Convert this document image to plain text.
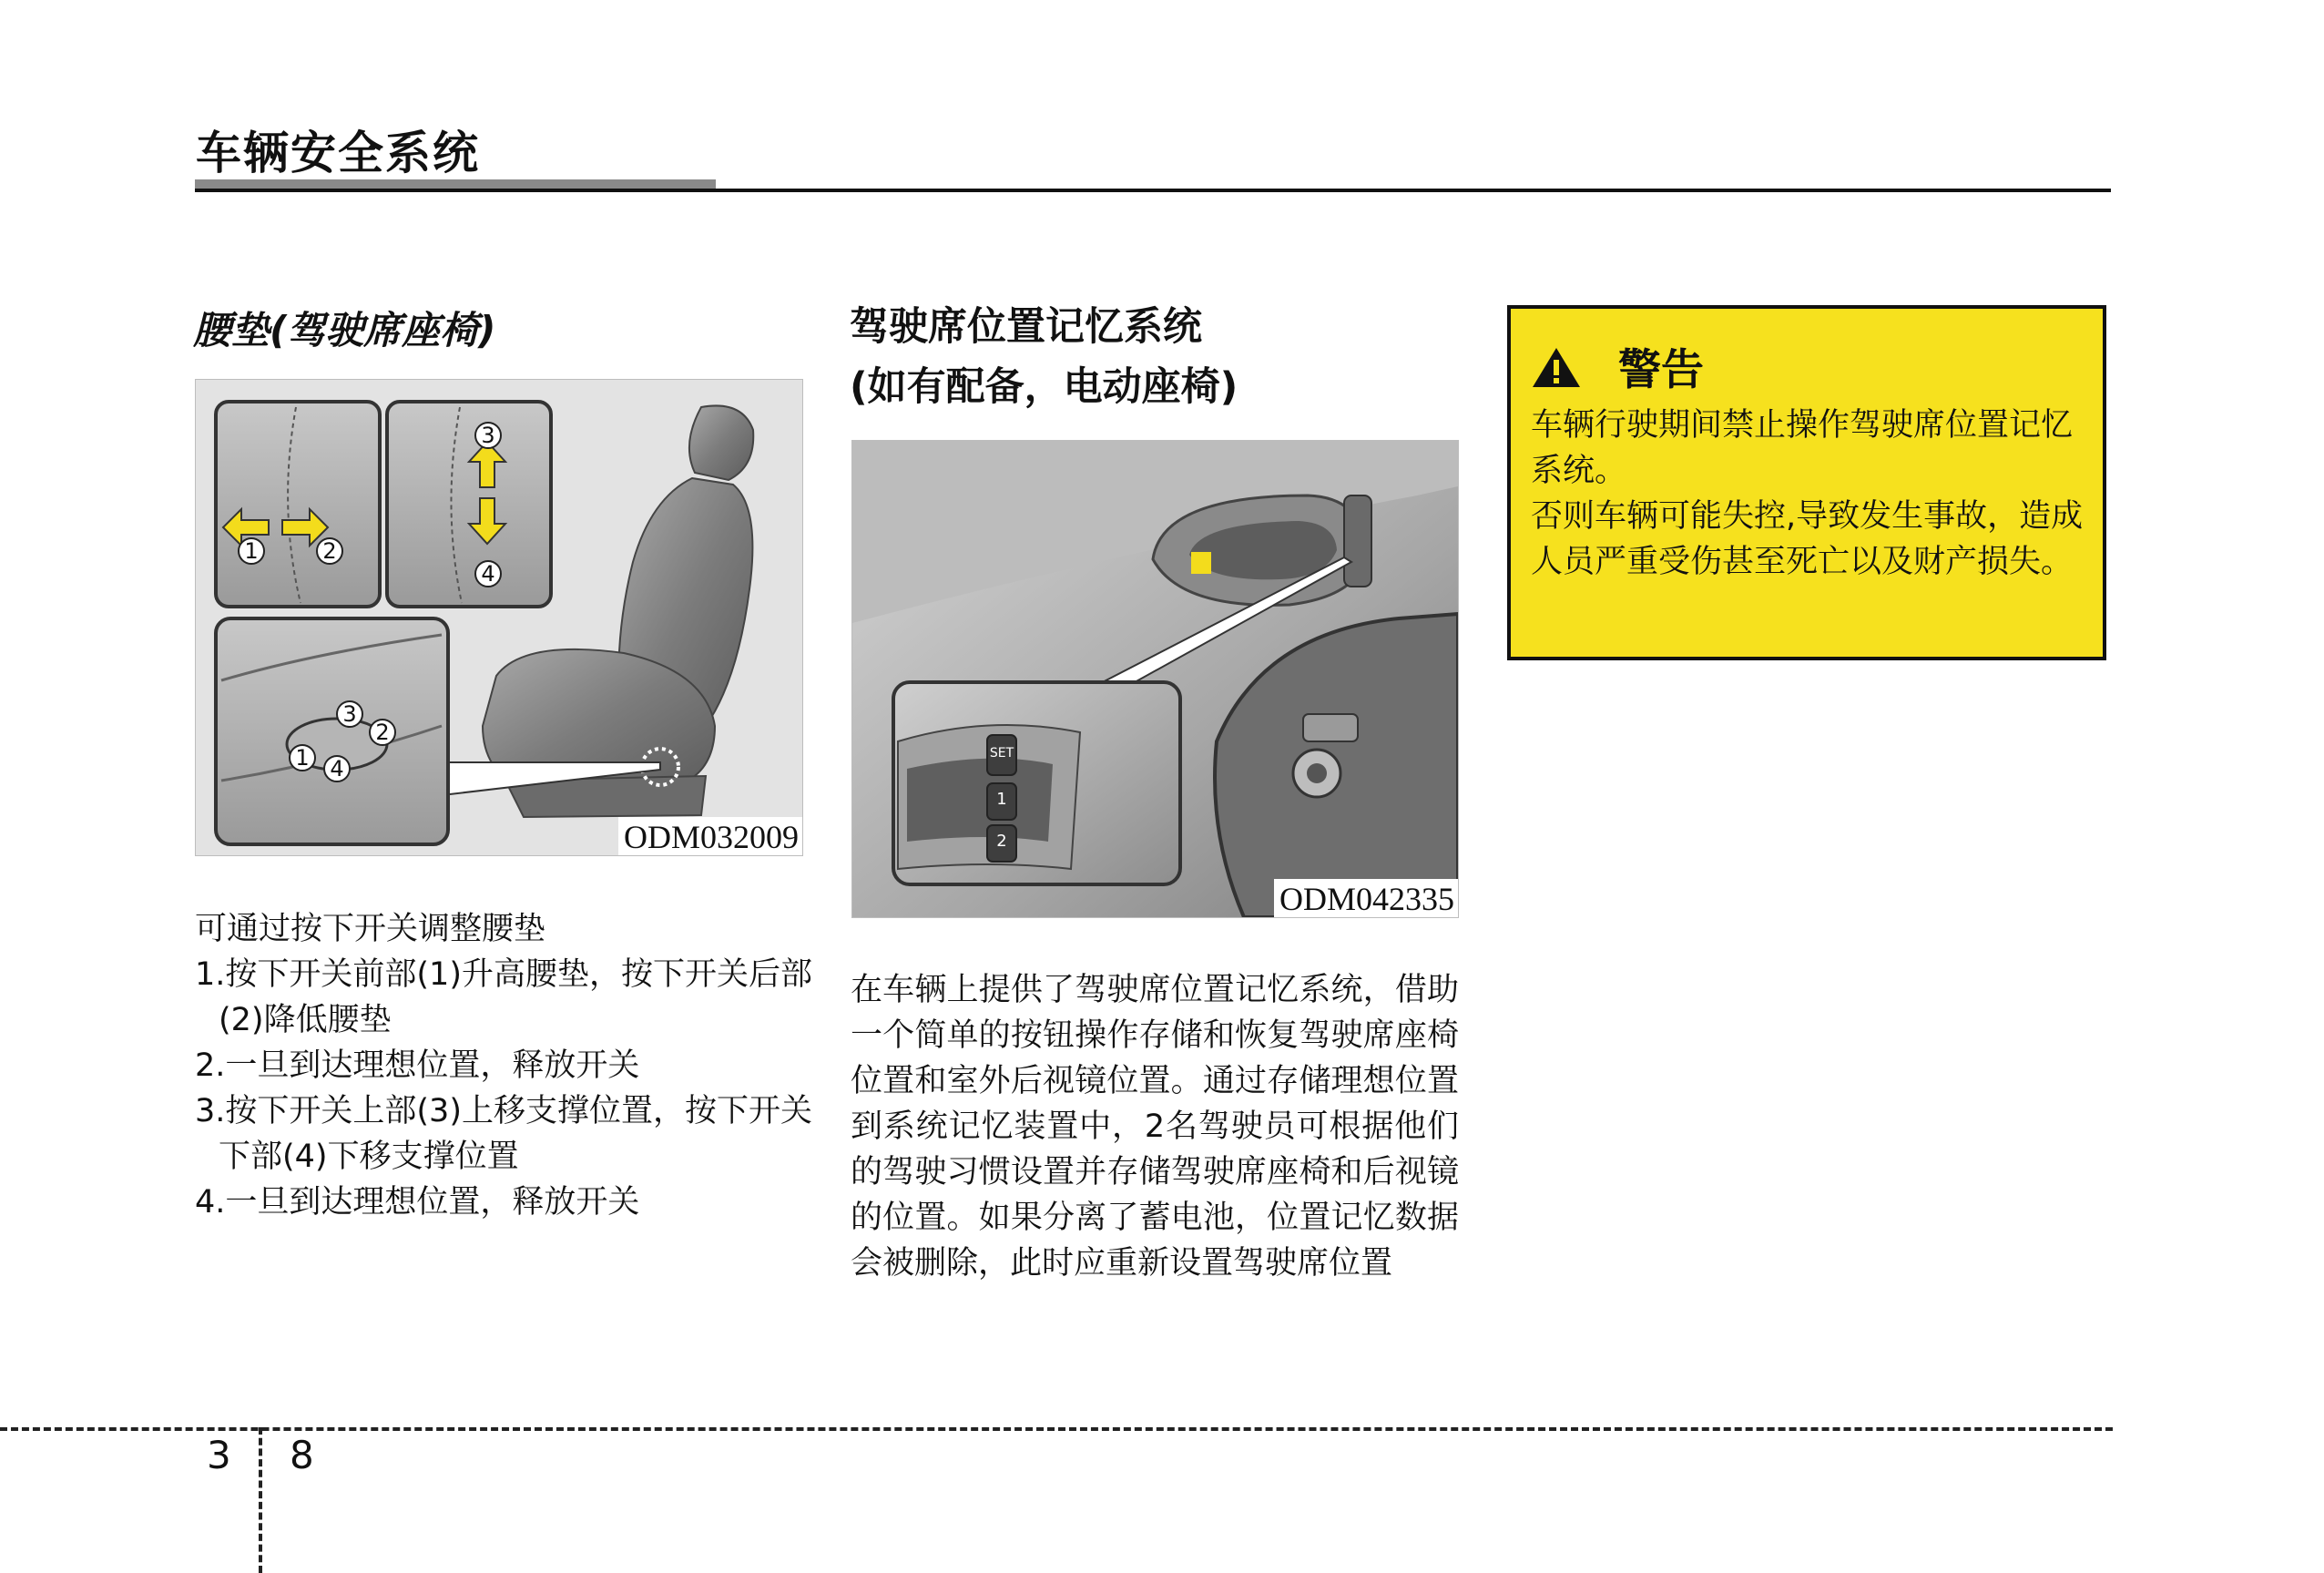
车辆安全系统
腰垫(驾驶席座椅)
1	2
3
4
3
2
1 4
ODM032009

可通过按下开关调整腰垫

1.按下开关前部(1)升高腰垫，按下开关后部(2)降低腰垫

2.一旦到达理想位置，释放开关

3.按下开关上部(3)上移支撑位置，按下开关下部(4)下移支撑位置

4.一旦到达理想位置，释放开关

驾驶席位置记忆系统
(如有配备，电动座椅)
SET
1
2
ODM042335
在车辆上提供了驾驶席位置记忆系统，借助一个简单的按钮操作存储和恢复驾驶席座椅位置和室外后视镜位置。通过存储理想位置到系统记忆装置中，2名驾驶员可根据他们的驾驶习惯设置并存储驾驶席座椅和后视镜的位置。如果分离了蓄电池，位置记忆数据会被删除，此时应重新设置驾驶席位置
警告
车辆行驶期间禁止操作驾驶席位置记忆系统。
否则车辆可能失控,导致发生事故，造成人员严重受伤甚至死亡以及财产损失。
3 8
